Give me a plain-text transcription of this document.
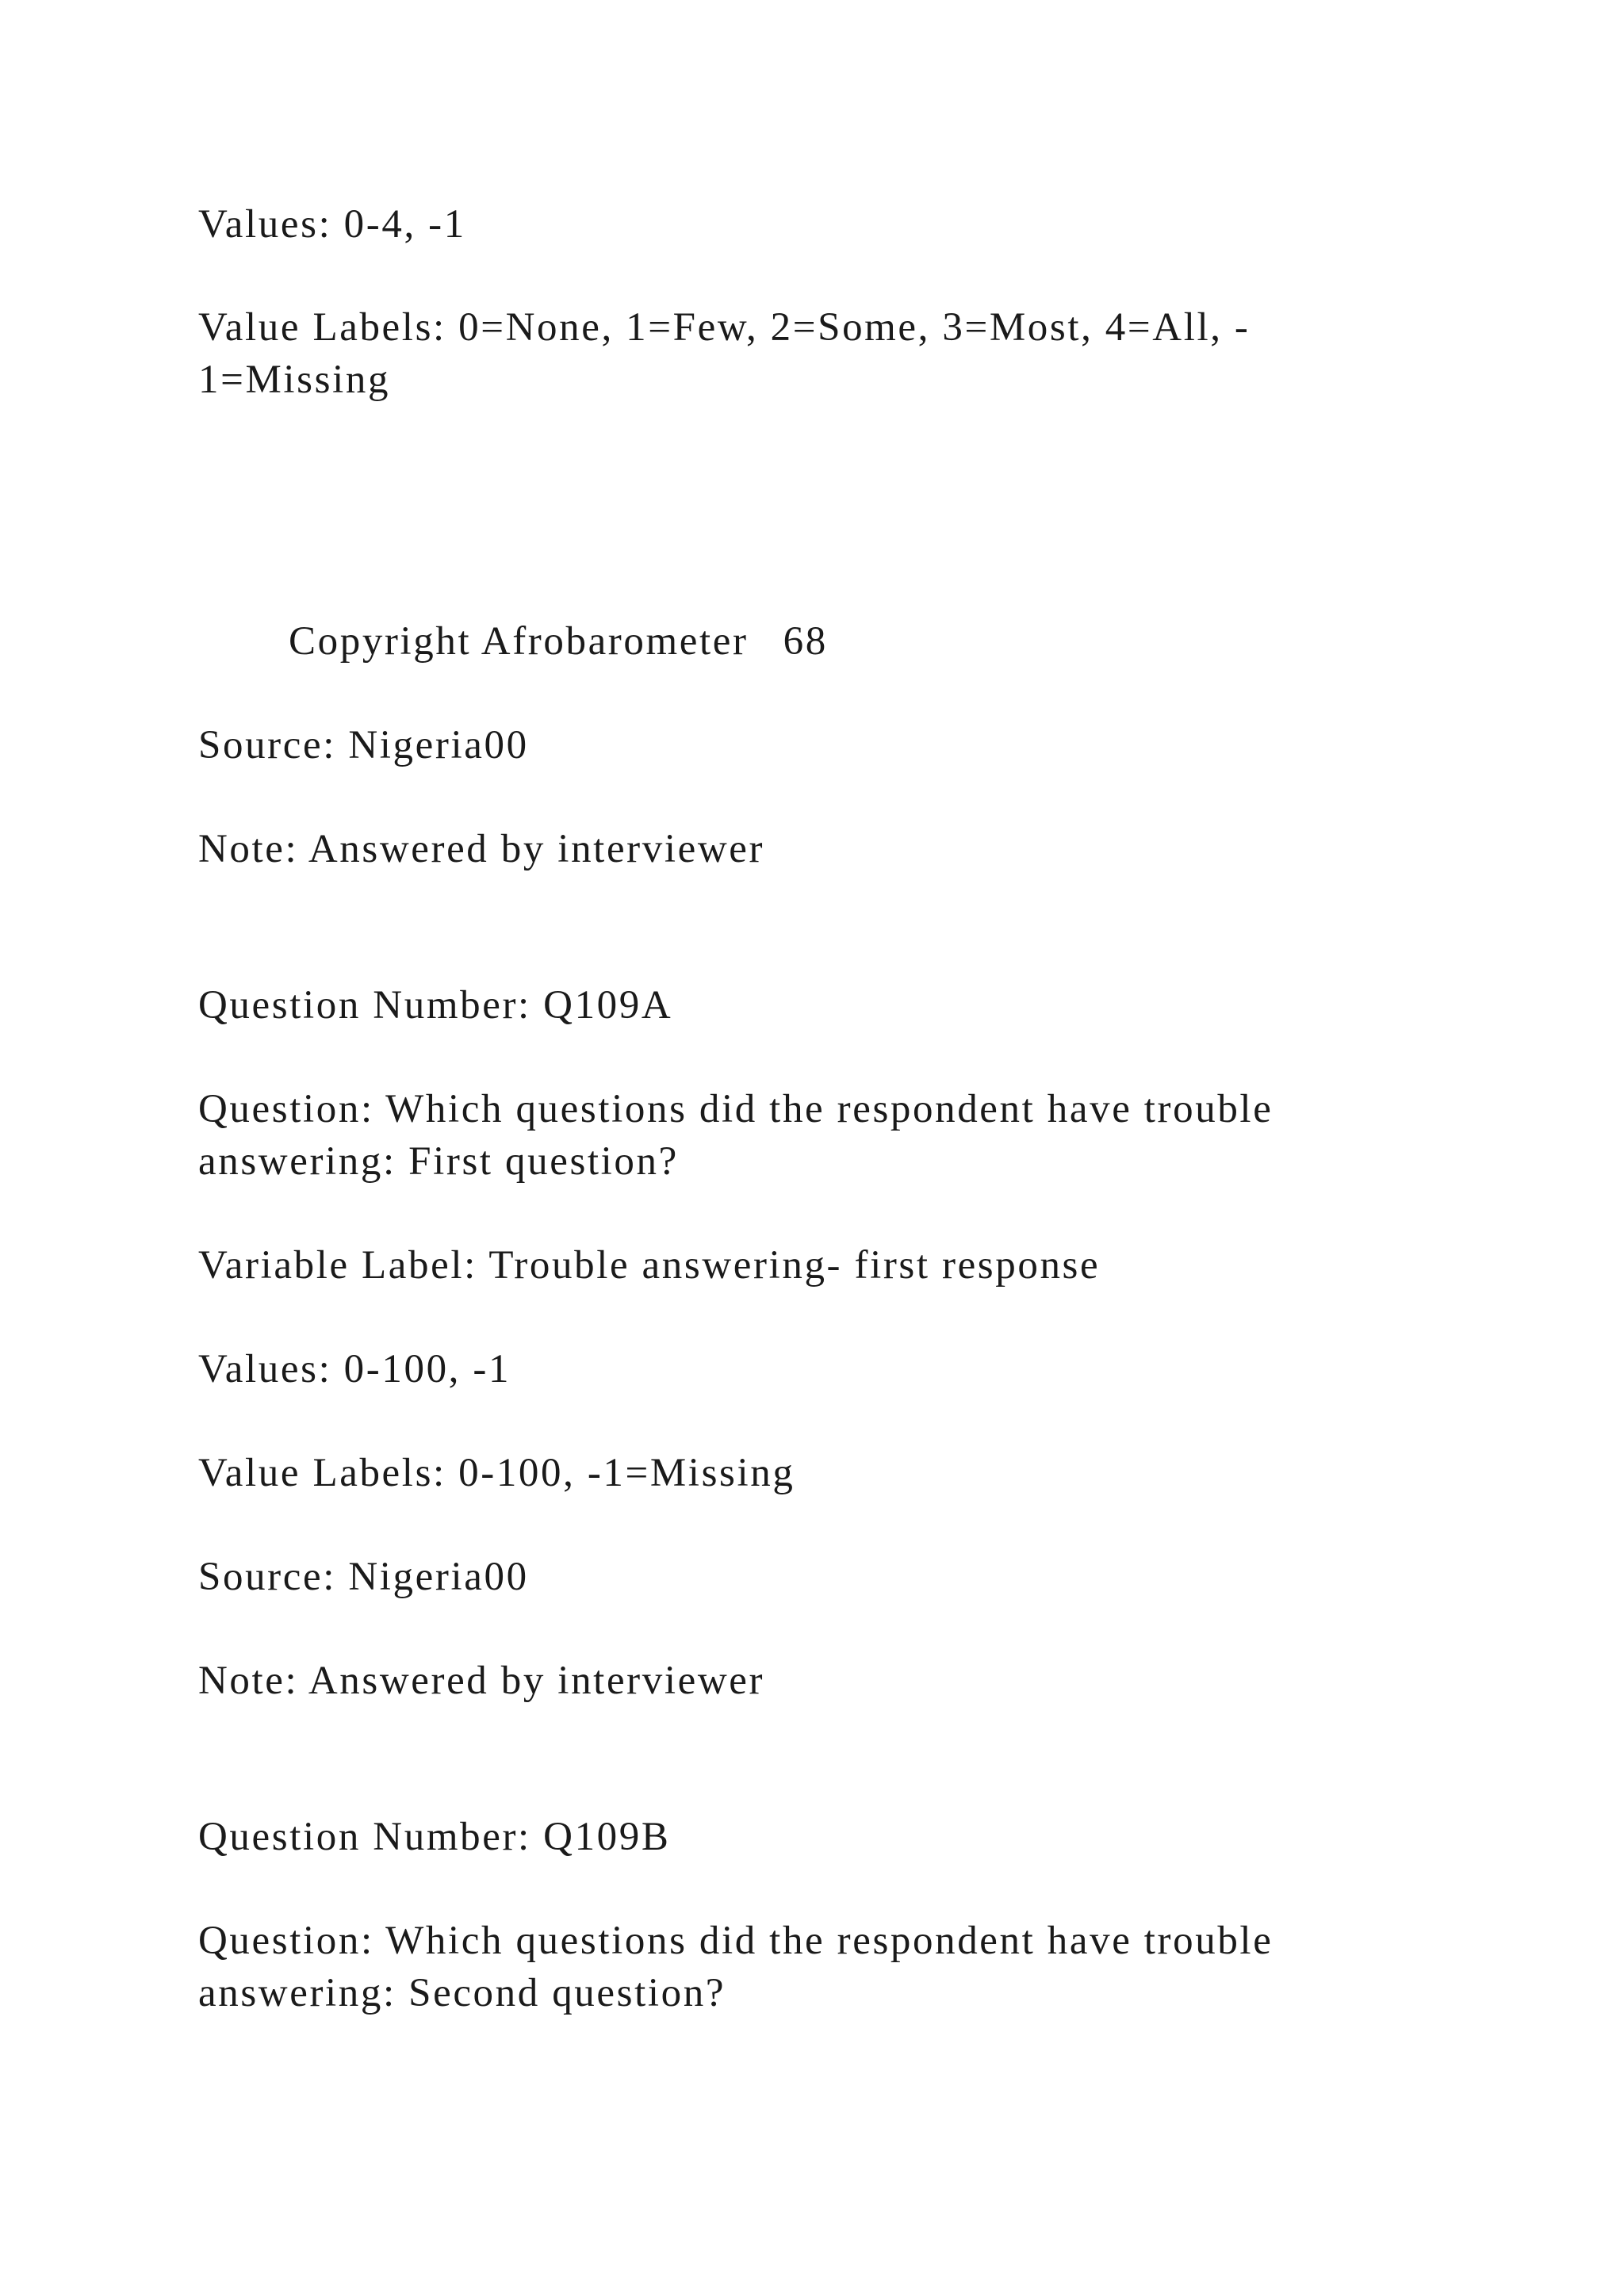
Values: 0-4, -1

Value Labels: 0=None, 1=Few, 2=Some, 3=Most, 4=All, -

1=Missing

Copyright Afrobarometer 68

Source: Nigeria00

Note: Answered by interviewer

Question Number: Q109A

Question: Which questions did the respondent have trouble

answering: First question?

Variable Label: Trouble answering- first response

Values: 0-100, -1

Value Labels: 0-100, -1=Missing

Source: Nigeria00

Note: Answered by interviewer

Question Number: Q109B

Question: Which questions did the respondent have trouble

answering: Second question?
